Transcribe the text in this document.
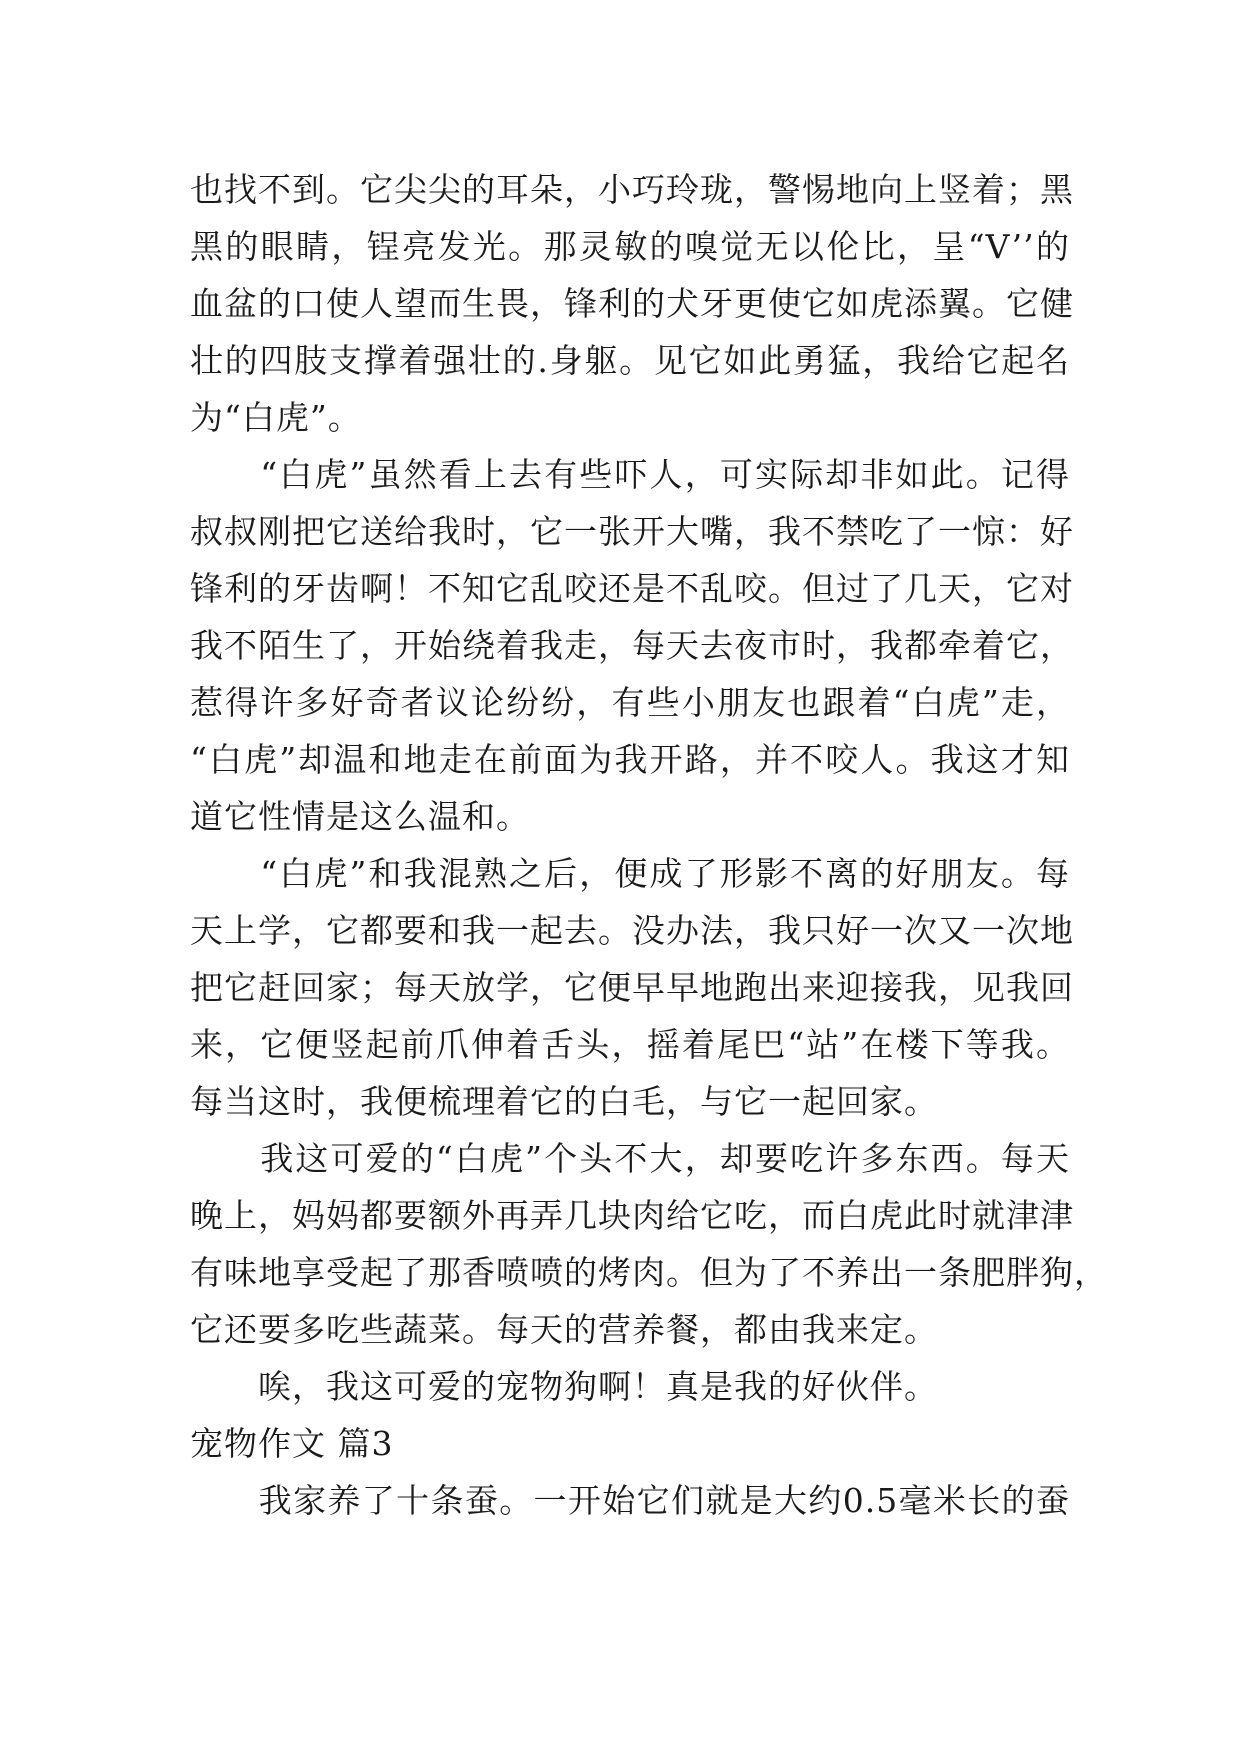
也找不到。它尖尖的耳朵，小巧玲珑，警惕地向上竖着；黑
黑的眼睛，锃亮发光。那灵敏的嗅觉无以伦比，呈“V’’的
血盆的口使人望而生畏，锋利的犬牙更使它如虎添翼。它健
壮的四肢支撑着强壮的.身躯。见它如此勇猛，我给它起名
为“白虎”。
　　“白虎”虽然看上去有些吓人，可实际却非如此。记得
叔叔刚把它送给我时，它一张开大嘴，我不禁吃了一惊：好
锋利的牙齿啊！不知它乱咬还是不乱咬。但过了几天，它对
我不陌生了，开始绕着我走，每天去夜市时，我都牵着它，
惹得许多好奇者议论纷纷，有些小朋友也跟着“白虎”走，
“白虎”却温和地走在前面为我开路，并不咬人。我这才知
道它性情是这么温和。
　　“白虎”和我混熟之后，便成了形影不离的好朋友。每
天上学，它都要和我一起去。没办法，我只好一次又一次地
把它赶回家；每天放学，它便早早地跑出来迎接我，见我回
来，它便竖起前爪伸着舌头，摇着尾巴“站”在楼下等我。
每当这时，我便梳理着它的白毛，与它一起回家。
　　我这可爱的“白虎”个头不大，却要吃许多东西。每天
晚上，妈妈都要额外再弄几块肉给它吃，而白虎此时就津津
有味地享受起了那香喷喷的烤肉。但为了不养出一条肥胖狗，
它还要多吃些蔬菜。每天的营养餐，都由我来定。
　　唉，我这可爱的宠物狗啊！真是我的好伙伴。
宠物作文 篇3
　　我家养了十条蚕。一开始它们就是大约0.5毫米长的蚕
